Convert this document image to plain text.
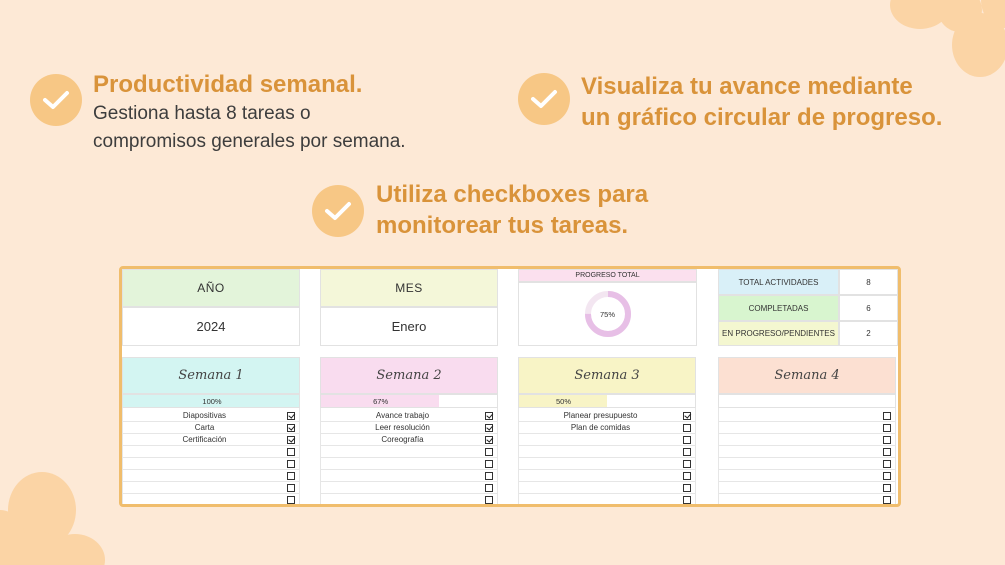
Productividad semanal.
Gestiona hasta 8 tareas o
compromisos generales por semana.
Visualiza tu avance mediante
un gráfico circular de progreso.
Utiliza checkboxes para
monitorear tus tareas.
AÑO
2024
MES
Enero
PROGRESO TOTAL
75%
TOTAL ACTIVIDADES	8
COMPLETADAS	6
EN PROGRESO/PENDIENTES	2
Semana 1
100%
Diapositivas
Carta
Certificación
Semana 2
67%
Avance trabajo
Leer resolución
Coreografía
Semana 3
50%
Planear presupuesto
Plan de comidas
Semana 4
